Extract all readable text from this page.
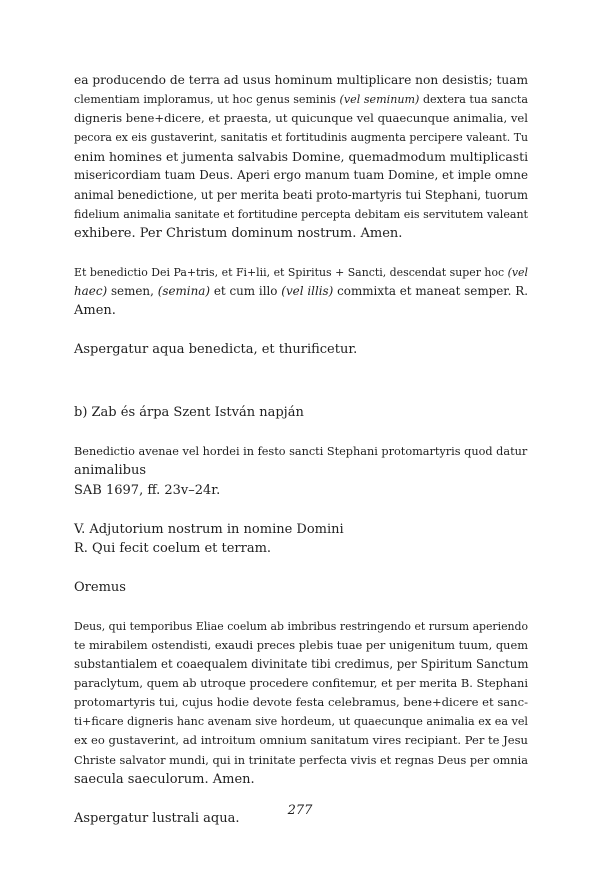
ea producendo de terra ad usus hominum multiplicare non desistis; tuam
clementiam imploramus, ut hoc genus seminis (vel seminum) dextera tua sancta
digneris bene+dicere, et praesta, ut quicunque vel quaecunque animalia, vel
pecora ex eis gustaverint, sanitatis et fortitudinis augmenta percipere valeant. Tu
enim homines et jumenta salvabis Domine, quemadmodum multiplicasti
misericordiam tuam Deus. Aperi ergo manum tuam Domine, et imple omne
animal benedictione, ut per merita beati proto-martyris tui Stephani, tuorum
fidelium animalia sanitate et fortitudine percepta debitam eis servitutem valeant
exhibere. Per Christum dominum nostrum. Amen.

Et benedictio Dei Pa+tris, et Fi+lii, et Spiritus + Sancti, descendat super hoc (vel
haec) semen, (semina) et cum illo (vel illis) commixta et maneat semper. R.
Amen.

Aspergatur aqua benedicta, et thurificetur.

b) Zab és árpa Szent István napján

Benedictio avenae vel hordei in festo sancti Stephani protomartyris quod datur
animalibus
SAB 1697, ff. 23v–24r.

V. Adjutorium nostrum in nomine Domini
R. Qui fecit coelum et terram.

Oremus

Deus, qui temporibus Eliae coelum ab imbribus restringendo et rursum aperiendo
te mirabilem ostendisti, exaudi preces plebis tuae per unigenitum tuum, quem
substantialem et coaequalem divinitate tibi credimus, per Spiritum Sanctum
paraclytum, quem ab utroque procedere confitemur, et per merita B. Stephani
protomartyris tui, cujus hodie devote festa celebramus, bene+dicere et sanc-
ti+ficare digneris hanc avenam sive hordeum, ut quaecunque animalia ex ea vel
ex eo gustaverint, ad introitum omnium sanitatum vires recipiant. Per te Jesu
Christe salvator mundi, qui in trinitate perfecta vivis et regnas Deus per omnia
saecula saeculorum. Amen.

Aspergatur lustrali aqua.

277
